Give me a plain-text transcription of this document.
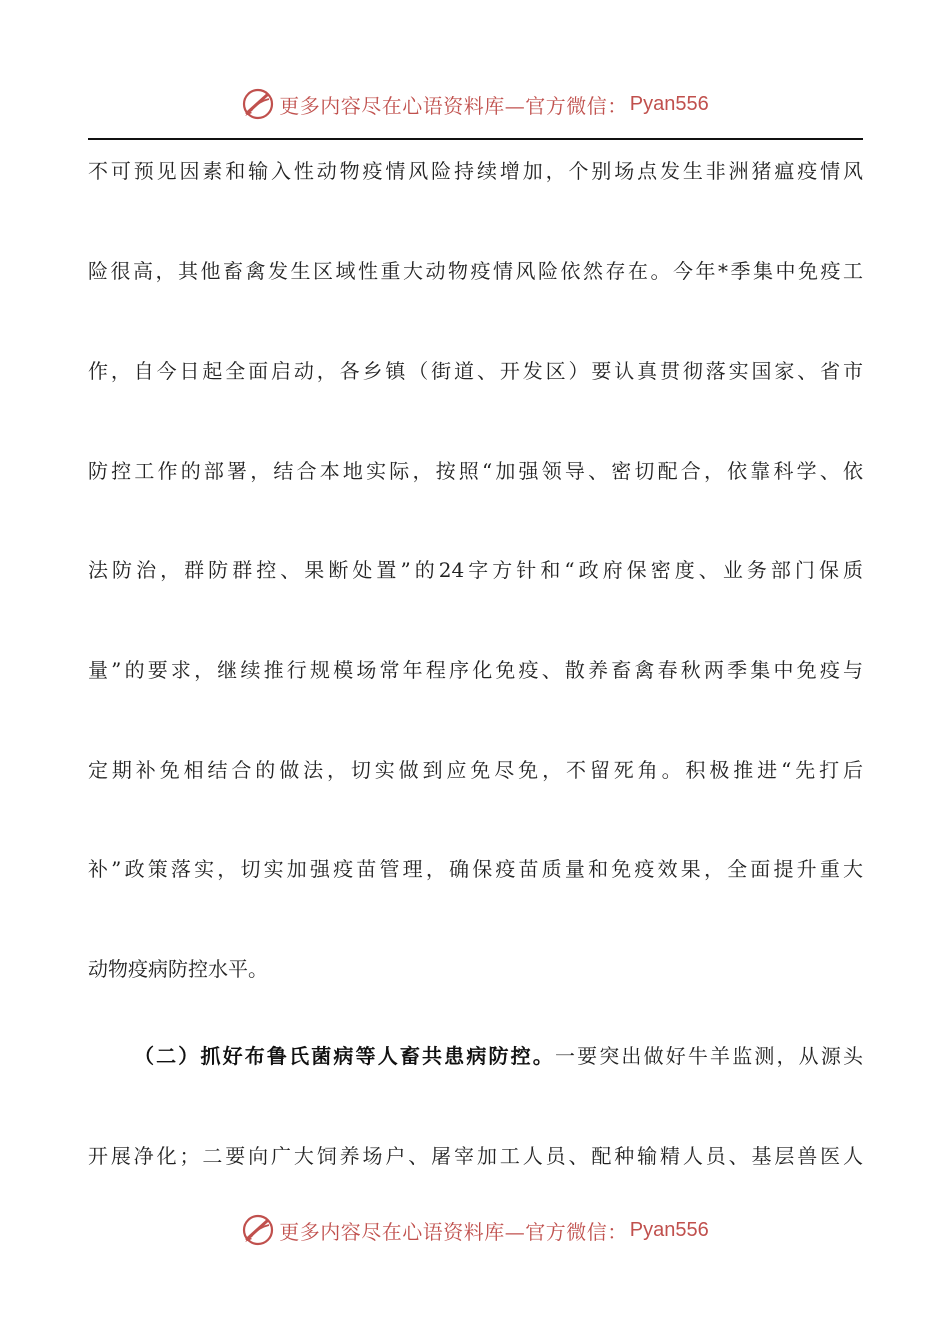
更多内容尽在心语资料库—官方微信： Pyan556
不可预见因素和输入性动物疫情风险持续增加，个别场点发生非洲猪瘟疫情风
险很高，其他畜禽发生区域性重大动物疫情风险依然存在。今年*季集中免疫工
作，自今日起全面启动，各乡镇（街道、开发区）要认真贯彻落实国家、省市
防控工作的部署，结合本地实际，按照“加强领导、密切配合，依靠科学、依
法防治，群防群控、果断处置”的24字方针和“政府保密度、业务部门保质
量”的要求，继续推行规模场常年程序化免疫、散养畜禽春秋两季集中免疫与
定期补免相结合的做法，切实做到应免尽免，不留死角。积极推进“先打后
补”政策落实，切实加强疫苗管理，确保疫苗质量和免疫效果，全面提升重大
动物疫病防控水平。
（二）抓好布鲁氏菌病等人畜共患病防控。一要突出做好牛羊监测，从源头
开展净化；二要向广大饲养场户、屠宰加工人员、配种输精人员、基层兽医人
更多内容尽在心语资料库—官方微信： Pyan556
